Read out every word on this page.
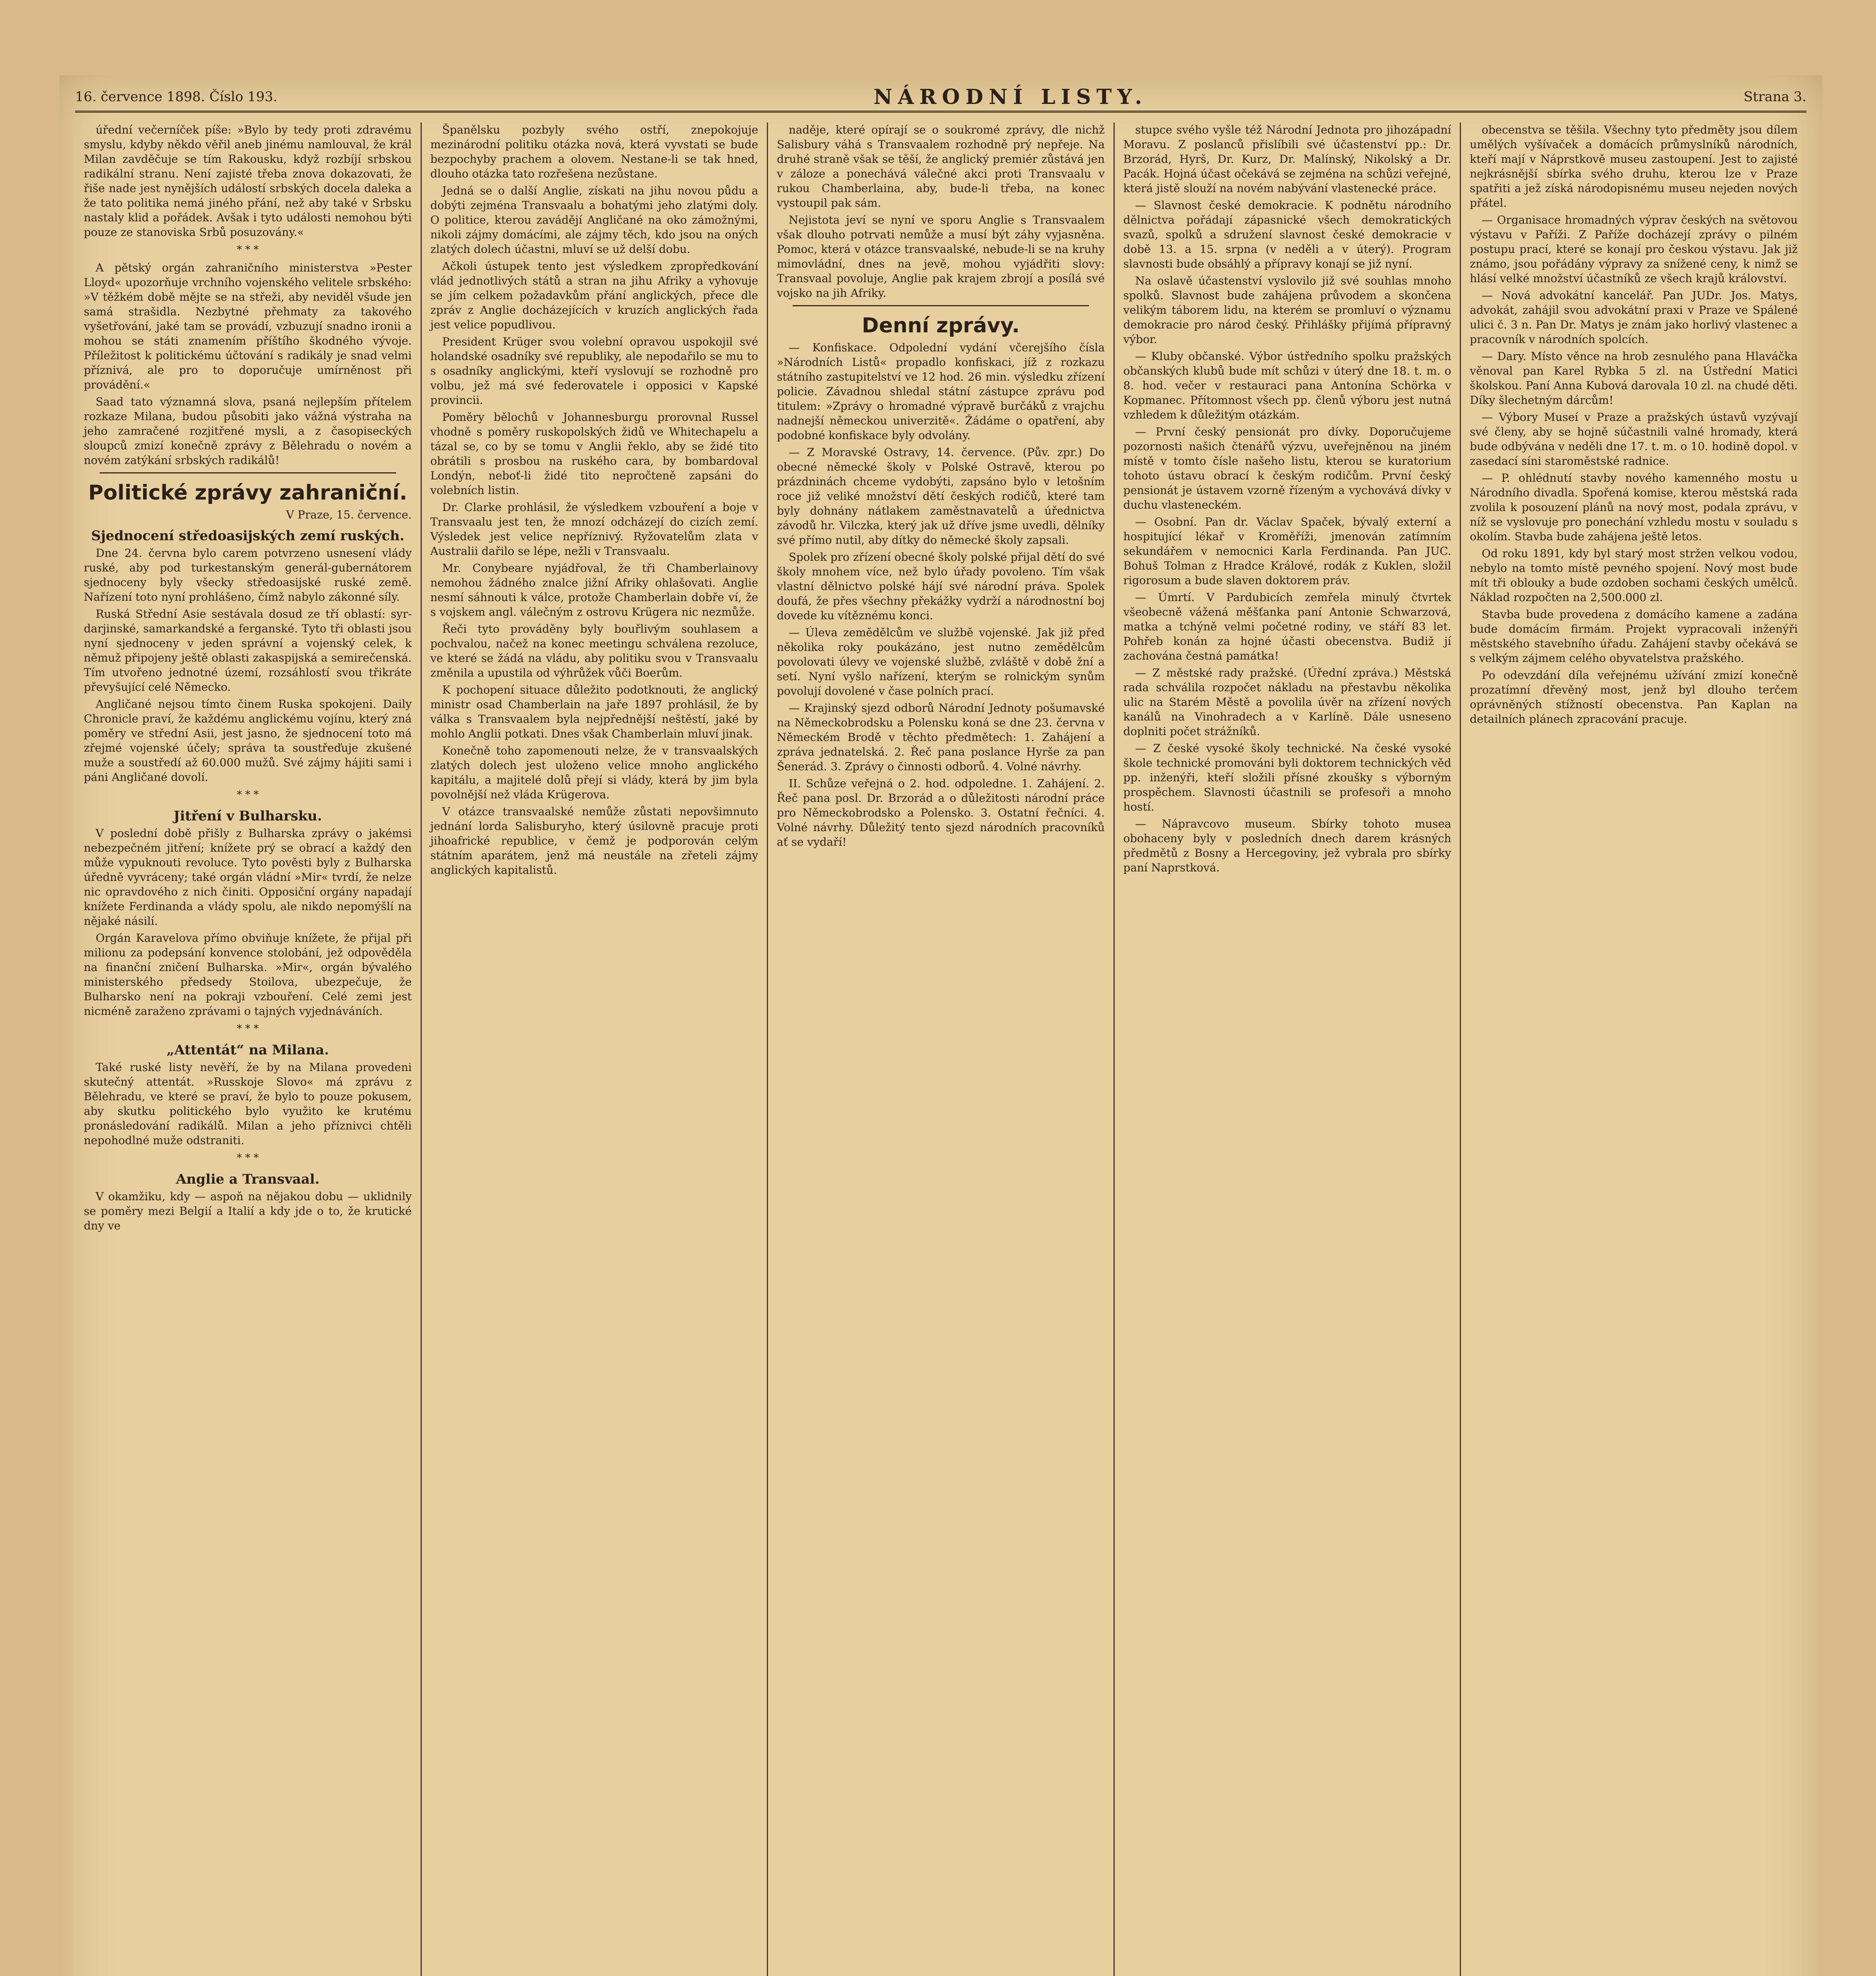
16. července 1898. Číslo 193.	NÁRODNÍ LISTY.	Strana 3.

úřední večerníček píše: »Bylo by tedy proti zdravému smyslu, kdyby někdo věřil aneb jinému namlouval, že král Milan zavděčuje se tím Rakousku, když rozbíjí srbskou radikální stranu. Není zajisté třeba znova dokazovati, že řiše nade jest nynějších událostí srbských docela daleka a že tato politika nemá jiného přání, než aby také v Srbsku nastaly klid a pořádek. Avšak i tyto události nemohou býti pouze ze stanoviska Srbů posuzovány.«

* * *

A pětský orgán zahraničního ministerstva »Pester Lloyd« upozorňuje vrchního vojenského velitele srbského: »V těžkém době mějte se na střeži, aby neviděl všude jen samá strašidla. Nezbytné přehmaty za takového vyšetřování, jaké tam se provádí, vzbuzují snadno ironii a mohou se státi znamením příštího škodného vývoje. Příležitost k politickému účtování s radikály je snad velmi příznivá, ale pro to doporučuje umírněnost při provádění.«

Saad tato významná slova, psaná nejlepším přítelem rozkaze Milana, budou působiti jako vážná výstraha na jeho zamračené rozjitřené mysli, a z časopiseckých sloupců zmizí konečně zprávy z Bělehradu o novém a novém zatýkání srbských radikálů!

Politické zprávy zahraniční.
V Praze, 15. července.
Sjednocení středoasijských zemí ruských.

Dne 24. června bylo carem potvrzeno usnesení vlády ruské, aby pod turkestanským generál-gubernátorem sjednoceny byly všecky středoasijské ruské země. Nařízení toto nyní prohlášeno, čímž nabylo zákonné síly.

Ruská Střední Asie sestávala dosud ze tří oblastí: syr-darjinské, samarkandské a ferganské. Tyto tři oblasti jsou nyní sjednoceny v jeden správní a vojenský celek, k němuž připojeny ještě oblasti zakaspijská a semirečenská. Tím utvořeno jednotné území, rozsáhlostí svou třikráte převyšující celé Německo.

Angličané nejsou tímto činem Ruska spokojeni. Daily Chronicle praví, že každému anglickému vojínu, který zná poměry ve střední Asii, jest jasno, že sjednocení toto má zřejmé vojenské účely; správa ta soustřeďuje zkušené muže a soustředí až 60.000 mužů. Své zájmy hájiti sami i páni Angličané dovolí.

* * *
Jitření v Bulharsku.

V poslední době přišly z Bulharska zprávy o jakémsi nebezpečném jitření; knížete prý se obrací a každý den může vypuknouti revoluce. Tyto pověsti byly z Bulharska úředně vyvráceny; také orgán vládní »Mir« tvrdí, že nelze nic opravdového z nich činiti. Opposiční orgány napadají knížete Ferdinanda a vlády spolu, ale nikdo nepomýšlí na nějaké násilí.

Orgán Karavelova přímo obviňuje knížete, že přijal při milionu za podepsání konvence stolobání, jež odpověděla na finanční zničení Bulharska. »Mir«, orgán bývalého ministerského předsedy Stoilova, ubezpečuje, že Bulharsko není na pokraji vzbouření. Celé zemi jest nicméně zaraženo zprávami o tajných vyjednáváních.

* * *
„Attentát“ na Milana.

Také ruské listy nevěří, že by na Milana provedeni skutečný attentát. »Russkoje Slovo« má zprávu z Bělehradu, ve které se praví, že bylo to pouze pokusem, aby skutku politického bylo využito ke krutému pronásledování radikálů. Milan a jeho příznivci chtěli nepohodlné muže odstraniti.

* * *
Anglie a Transvaal.

V okamžiku, kdy — aspoň na nějakou dobu — uklidnily se poměry mezi Belgií a Italií a kdy jde o to, že krutické dny ve

Španělsku pozbyly svého ostří, znepokojuje mezinárodní politiku otázka nová, která vyvstati se bude bezpochyby prachem a olovem. Nestane-li se tak hned, dlouho otázka tato rozřešena nezůstane.

Jedná se o další Anglie, získati na jihu novou půdu a dobýti zejména Transvaalu a bohatými jeho zlatými doly. O politice, kterou zavádějí Angličané na oko zámožnými, nikoli zájmy domácími, ale zájmy těch, kdo jsou na oných zlatých dolech účastni, mluví se už delší dobu.

Ačkoli ústupek tento jest výsledkem zpropředkování vlád jednotlivých států a stran na jihu Afriky a vyhovuje se jím celkem požadavkům přání anglických, přece dle zpráv z Anglie docházejících v kruzích anglických řada jest velice popudlivou.

President Krüger svou volební opravou uspokojil své holandské osadníky své republiky, ale nepodařilo se mu to s osadníky anglickými, kteří vyslovují se rozhodně pro volbu, jež má své federovatele i opposici v Kapské provincii.

Poměry bělochů v Johannesburgu prorovnal Russel vhodně s poměry ruskopolských židů ve Whitechapelu a tázal se, co by se tomu v Anglii řeklo, aby se židé tito obrátili s prosbou na ruského cara, by bombardoval Londýn, neboť-li židé tito nepročteně zapsáni do volebních listin.

Dr. Clarke prohlásil, že výsledkem vzbouření a boje v Transvaalu jest ten, že mnozí odcházejí do cizích zemí. Výsledek jest velice nepříznivý. Ryžovatelům zlata v Australii dařilo se lépe, nežli v Transvaalu.

Mr. Conybeare nyjádřoval, že tři Chamberlainovy nemohou žádného znalce jižní Afriky ohlašovati. Anglie nesmí sáhnouti k válce, protože Chamberlain dobře ví, že s vojskem angl. válečným z ostrovu Krügera nic nezmůže.

Řeči tyto prováděny byly bouřlivým souhlasem a pochvalou, načež na konec meetingu schválena rezoluce, ve které se žádá na vládu, aby politiku svou v Transvaalu změnila a upustila od výhrůžek vůči Boerům.

K pochopení situace důležito podotknouti, že anglický ministr osad Chamberlain na jaře 1897 prohlásil, že by válka s Transvaalem byla nejpřednější neštěstí, jaké by mohlo Anglii potkati. Dnes však Chamberlain mluví jinak.

Konečně toho zapomenouti nelze, že v transvaalských zlatých dolech jest uloženo velice mnoho anglického kapitálu, a majitelé dolů přejí si vlády, která by jim byla povolnější než vláda Krügerova.

V otázce transvaalské nemůže zůstati nepovšimnuto jednání lorda Salisburyho, který úsilovně pracuje proti jihoafrické republice, v čemž je podporován celým státním aparátem, jenž má neustále na zřeteli zájmy anglických kapitalistů.

naděje, které opírají se o soukromé zprávy, dle nichž Salisbury váhá s Transvaalem rozhodně prý nepřeje. Na druhé straně však se těší, že anglický premiér zůstává jen v záloze a ponechává válečné akci proti Transvaalu v rukou Chamberlaina, aby, bude-li třeba, na konec vystoupil pak sám.

Nejistota jeví se nyní ve sporu Anglie s Transvaalem však dlouho potrvati nemůže a musí být záhy vyjasněna. Pomoc, která v otázce transvaalské, nebude-li se na kruhy mimovládní, dnes na jevě, mohou vyjádřiti slovy: Transvaal povoluje, Anglie pak krajem zbrojí a posílá své vojsko na jih Afriky.

Denní zprávy.

— Konfiskace. Odpolední vydání včerejšího čísla »Národních Listů« propadlo konfiskaci, jíž z rozkazu státního zastupitelství ve 12 hod. 26 min. výsledku zřízení policie. Závadnou shledal státní zástupce zprávu pod titulem: »Zprávy o hromadné výpravě burčáků z vrajchu nadnejší německou univerzitě«. Žádáme o opatření, aby podobné konfiskace byly odvolány.

— Z Moravské Ostravy, 14. července. (Pův. zpr.) Do obecné německé školy v Polské Ostravě, kterou po prázdninách chceme vydobýti, zapsáno bylo v letošním roce již veliké množství dětí českých rodičů, které tam byly dohnány nátlakem zaměstnavatelů a úřednictva závodů hr. Vilczka, který jak už dříve jsme uvedli, dělníky své přímo nutil, aby dítky do německé školy zapsali.

Spolek pro zřízení obecné školy polské přijal dětí do své školy mnohem více, než bylo úřady povoleno. Tím však vlastní dělnictvo polské hájí své národní práva. Spolek doufá, že přes všechny překážky vydrží a národnostní boj dovede ku vítěznému konci.

— Úleva zemědělcům ve službě vojenské. Jak již před několika roky poukázáno, jest nutno zemědělcům povolovati úlevy ve vojenské službě, zvláště v době žní a setí. Nyní vyšlo nařízení, kterým se rolnickým synům povolují dovolené v čase polních prací.

— Krajinský sjezd odborů Národní Jednoty pošumavské na Německobrodsku a Polensku koná se dne 23. června v Německém Brodě v těchto předmětech: 1. Zahájení a zpráva jednatelská. 2. Řeč pana poslance Hyrše za pan Šenerád. 3. Zprávy o činnosti odborů. 4. Volné návrhy.

II. Schůze veřejná o 2. hod. odpoledne. 1. Zahájení. 2. Řeč pana posl. Dr. Brzorád a o důležitosti národní práce pro Německobrodsko a Polensko. 3. Ostatní řečníci. 4. Volné návrhy. Důležitý tento sjezd národních pracovníků ať se vydaří!

stupce svého vyšle též Národní Jednota pro jihozápadní Moravu. Z poslanců přislíbili své účastenství pp.: Dr. Brzorád, Hyrš, Dr. Kurz, Dr. Malínský, Nikolský a Dr. Pacák. Hojná účast očekává se zejména na schůzi veřejné, která jistě slouží na novém nabývání vlastenecké práce.

— Slavnost české demokracie. K podnětu národního dělnictva pořádají zápasnické všech demokratických svazů, spolků a sdružení slavnost české demokracie v době 13. a 15. srpna (v neděli a v úterý). Program slavnosti bude obsáhlý a přípravy konají se již nyní.

Na oslavě účastenství vyslovilo již své souhlas mnoho spolků. Slavnost bude zahájena průvodem a skončena velikým táborem lidu, na kterém se promluví o významu demokracie pro národ český. Přihlášky přijímá přípravný výbor.

— Kluby občanské. Výbor ústředního spolku pražských občanských klubů bude mít schůzi v úterý dne 18. t. m. o 8. hod. večer v restauraci pana Antonína Schörka v Kopmanec. Přítomnost všech pp. členů výboru jest nutná vzhledem k důležitým otázkám.

— První český pensionát pro dívky. Doporučujeme pozornosti našich čtenářů výzvu, uveřejněnou na jiném místě v tomto čísle našeho listu, kterou se kuratorium tohoto ústavu obrací k českým rodičům. První český pensionát je ústavem vzorně řízeným a vychovává dívky v duchu vlasteneckém.

— Osobní. Pan dr. Václav Spaček, bývalý externí a hospitující lékař v Kroměříži, jmenován zatímním sekundářem v nemocnici Karla Ferdinanda. Pan JUC. Bohuš Tolman z Hradce Králové, rodák z Kuklen, složil rigorosum a bude slaven doktorem práv.

— Úmrtí. V Pardubicích zemřela minulý čtvrtek všeobecně vážená měšťanka paní Antonie Schwarzová, matka a tchýně velmi početné rodiny, ve stáří 83 let. Pohřeb konán za hojné účasti obecenstva. Budiž jí zachována čestná památka!

— Z městské rady pražské. (Úřední zpráva.) Městská rada schválila rozpočet nákladu na přestavbu několika ulic na Starém Městě a povolila úvěr na zřízení nových kanálů na Vinohradech a v Karlíně. Dále usneseno doplniti počet strážníků.

— Z české vysoké školy technické. Na české vysoké škole technické promováni byli doktorem technických věd pp. inženýři, kteří složili přísné zkoušky s výborným prospěchem. Slavnosti účastnili se profesoři a mnoho hostí.

— Nápravcovo museum. Sbírky tohoto musea obohaceny byly v posledních dnech darem krásných předmětů z Bosny a Hercegoviny, jež vybrala pro sbírky paní Naprstková.

obecenstva se těšila. Všechny tyto předměty jsou dílem umělých vyšívaček a domácích průmyslníků národních, kteří mají v Náprstkově museu zastoupení. Jest to zajisté nejkrásnější sbírka svého druhu, kterou lze v Praze spatřiti a jež získá národopisnému museu nejeden nových přátel.

— Organisace hromadných výprav českých na světovou výstavu v Paříži. Z Paříže docházejí zprávy o pilném postupu prací, které se konají pro českou výstavu. Jak již známo, jsou pořádány výpravy za snížené ceny, k nimž se hlásí velké množství účastníků ze všech krajů království.

— Nová advokátní kancelář. Pan JUDr. Jos. Matys, advokát, zahájil svou advokátní praxi v Praze ve Spálené ulici č. 3 n. Pan Dr. Matys je znám jako horlivý vlastenec a pracovník v národních spolcích.

— Dary. Místo věnce na hrob zesnulého pana Hlaváčka věnoval pan Karel Rybka 5 zl. na Ústřední Matici školskou. Paní Anna Kubová darovala 10 zl. na chudé děti. Díky šlechetným dárcům!

— Výbory Museí v Praze a pražských ústavů vyzývají své členy, aby se hojně súčastnili valné hromady, která bude odbývána v neděli dne 17. t. m. o 10. hodině dopol. v zasedací síni staroměstské radnice.

— P. ohlédnutí stavby nového kamenného mostu u Národního divadla. Spořená komise, kterou městská rada zvolila k posouzení plánů na nový most, podala zprávu, v níž se vyslovuje pro ponechání vzhledu mostu v souladu s okolím. Stavba bude zahájena ještě letos.

Od roku 1891, kdy byl starý most stržen velkou vodou, nebylo na tomto místě pevného spojení. Nový most bude mít tři oblouky a bude ozdoben sochami českých umělců. Náklad rozpočten na 2,500.000 zl.

Stavba bude provedena z domácího kamene a zadána bude domácím firmám. Projekt vypracovali inženýři městského stavebního úřadu. Zahájení stavby očekává se s velkým zájmem celého obyvatelstva pražského.

Po odevzdání díla veřejnému užívání zmizí konečně prozatímní dřevěný most, jenž byl dlouho terčem oprávněných stížností obecenstva. Pan Kaplan na detailních plánech zpracování pracuje.
